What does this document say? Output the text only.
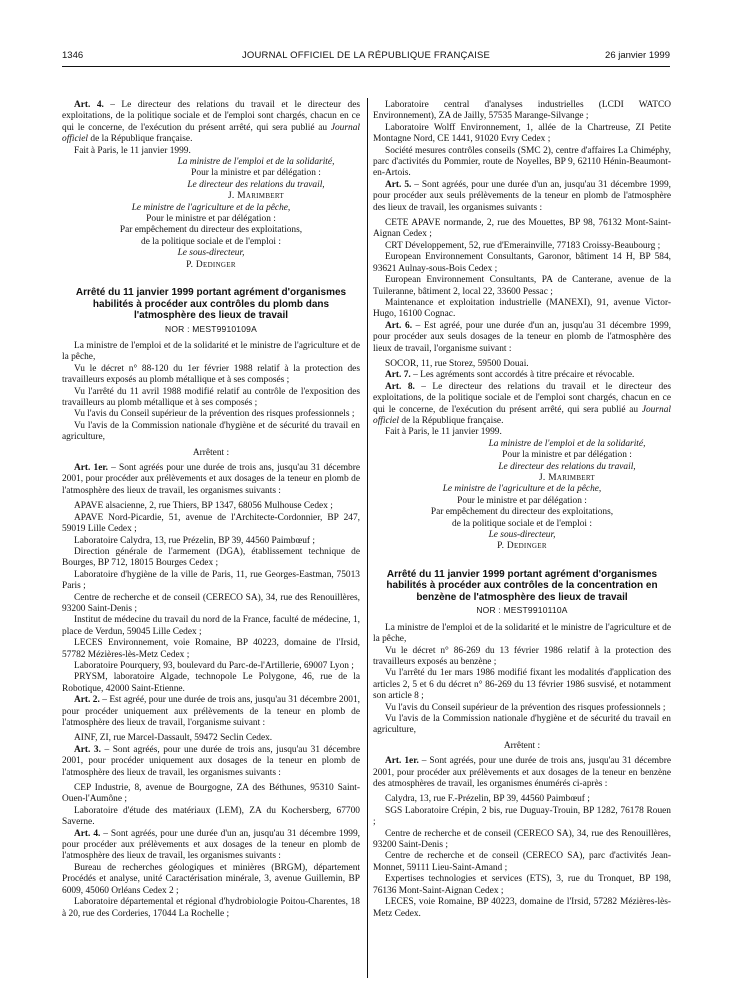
1346	JOURNAL OFFICIEL DE LA RÉPUBLIQUE FRANÇAISE	26 janvier 1999

Art. 4. – Le directeur des relations du travail et le directeur des exploitations, de la politique sociale et de l'emploi sont chargés, chacun en ce qui le concerne, de l'exécution du présent arrêté, qui sera publié au Journal officiel de la République française.

Fait à Paris, le 11 janvier 1999.

La ministre de l'emploi et de la solidarité,
Pour la ministre et par délégation :
Le directeur des relations du travail,
J. Marimbert
Le ministre de l'agriculture et de la pêche,
Pour le ministre et par délégation :
Par empêchement du directeur des exploitations,
de la politique sociale et de l'emploi :
Le sous-directeur,
P. Dedinger
Arrêté du 11 janvier 1999 portant agrément d'organismes habilités à procéder aux contrôles du plomb dans l'atmosphère des lieux de travail
NOR : MEST9910109A

La ministre de l'emploi et de la solidarité et le ministre de l'agriculture et de la pêche,

Vu le décret n° 88-120 du 1er février 1988 relatif à la protection des travailleurs exposés au plomb métallique et à ses composés ;

Vu l'arrêté du 11 avril 1988 modifié relatif au contrôle de l'exposition des travailleurs au plomb métallique et à ses composés ;

Vu l'avis du Conseil supérieur de la prévention des risques professionnels ;

Vu l'avis de la Commission nationale d'hygiène et de sécurité du travail en agriculture,

Arrêtent :

Art. 1er. – Sont agréés pour une durée de trois ans, jusqu'au 31 décembre 2001, pour procéder aux prélèvements et aux dosages de la teneur en plomb de l'atmosphère des lieux de travail, les organismes suivants :

APAVE alsacienne, 2, rue Thiers, BP 1347, 68056 Mulhouse Cedex ;

APAVE Nord-Picardie, 51, avenue de l'Architecte-Cordonnier, BP 247, 59019 Lille Cedex ;

Laboratoire Calydra, 13, rue Prézelin, BP 39, 44560 Paimbœuf ;

Direction générale de l'armement (DGA), établissement technique de Bourges, BP 712, 18015 Bourges Cedex ;

Laboratoire d'hygiène de la ville de Paris, 11, rue Georges-Eastman, 75013 Paris ;

Centre de recherche et de conseil (CERECO SA), 34, rue des Renouillères, 93200 Saint-Denis ;

Institut de médecine du travail du nord de la France, faculté de médecine, 1, place de Verdun, 59045 Lille Cedex ;

LECES Environnement, voie Romaine, BP 40223, domaine de l'Irsid, 57782 Mézières-lès-Metz Cedex ;

Laboratoire Pourquery, 93, boulevard du Parc-de-l'Artillerie, 69007 Lyon ;

PRYSM, laboratoire Algade, technopole Le Polygone, 46, rue de la Robotique, 42000 Saint-Etienne.

Art. 2. – Est agréé, pour une durée de trois ans, jusqu'au 31 décembre 2001, pour procéder uniquement aux prélèvements de la teneur en plomb de l'atmosphère des lieux de travail, l'organisme suivant :

AINF, ZI, rue Marcel-Dassault, 59472 Seclin Cedex.

Art. 3. – Sont agréés, pour une durée de trois ans, jusqu'au 31 décembre 2001, pour procéder uniquement aux dosages de la teneur en plomb de l'atmosphère des lieux de travail, les organismes suivants :

CEP Industrie, 8, avenue de Bourgogne, ZA des Béthunes, 95310 Saint-Ouen-l'Aumône ;

Laboratoire d'étude des matériaux (LEM), ZA du Kochersberg, 67700 Saverne.

Art. 4. – Sont agréés, pour une durée d'un an, jusqu'au 31 décembre 1999, pour procéder aux prélèvements et aux dosages de la teneur en plomb de l'atmosphère des lieux de travail, les organismes suivants :

Bureau de recherches géologiques et minières (BRGM), département Procédés et analyse, unité Caractérisation minérale, 3, avenue Guillemin, BP 6009, 45060 Orléans Cedex 2 ;

Laboratoire départemental et régional d'hydrobiologie Poitou-Charentes, 18 à 20, rue des Corderies, 17044 La Rochelle ;

Laboratoire central d'analyses industrielles (LCDI WATCO Environnement), ZA de Jailly, 57535 Marange-Silvange ;

Laboratoire Wolff Environnement, 1, allée de la Chartreuse, ZI Petite Montagne Nord, CE 1441, 91020 Evry Cedex ;

Société mesures contrôles conseils (SMC 2), centre d'affaires La Chiméphy, parc d'activités du Pommier, route de Noyelles, BP 9, 62110 Hénin-Beaumont-en-Artois.

Art. 5. – Sont agréés, pour une durée d'un an, jusqu'au 31 décembre 1999, pour procéder aux seuls prélèvements de la teneur en plomb de l'atmosphère des lieux de travail, les organismes suivants :

CETE APAVE normande, 2, rue des Mouettes, BP 98, 76132 Mont-Saint-Aignan Cedex ;

CRT Développement, 52, rue d'Emerainville, 77183 Croissy-Beaubourg ;

European Environnement Consultants, Garonor, bâtiment 14 H, BP 584, 93621 Aulnay-sous-Bois Cedex ;

European Environnement Consultants, PA de Canterane, avenue de la Tuileranne, bâtiment 2, local 22, 33600 Pessac ;

Maintenance et exploitation industrielle (MANEXI), 91, avenue Victor-Hugo, 16100 Cognac.

Art. 6. – Est agréé, pour une durée d'un an, jusqu'au 31 décembre 1999, pour procéder aux seuls dosages de la teneur en plomb de l'atmosphère des lieux de travail, l'organisme suivant :

SOCOR, 11, rue Storez, 59500 Douai.

Art. 7. – Les agréments sont accordés à titre précaire et révocable.

Art. 8. – Le directeur des relations du travail et le directeur des exploitations, de la politique sociale et de l'emploi sont chargés, chacun en ce qui le concerne, de l'exécution du présent arrêté, qui sera publié au Journal officiel de la République française.

Fait à Paris, le 11 janvier 1999.

La ministre de l'emploi et de la solidarité,
Pour la ministre et par délégation :
Le directeur des relations du travail,
J. Marimbert
Le ministre de l'agriculture et de la pêche,
Pour le ministre et par délégation :
Par empêchement du directeur des exploitations,
de la politique sociale et de l'emploi :
Le sous-directeur,
P. Dedinger
Arrêté du 11 janvier 1999 portant agrément d'organismes habilités à procéder aux contrôles de la concentration en benzène de l'atmosphère des lieux de travail
NOR : MEST9910110A

La ministre de l'emploi et de la solidarité et le ministre de l'agriculture et de la pêche,

Vu le décret n° 86-269 du 13 février 1986 relatif à la protection des travailleurs exposés au benzène ;

Vu l'arrêté du 1er mars 1986 modifié fixant les modalités d'application des articles 2, 5 et 6 du décret n° 86-269 du 13 février 1986 susvisé, et notamment son article 8 ;

Vu l'avis du Conseil supérieur de la prévention des risques professionnels ;

Vu l'avis de la Commission nationale d'hygiène et de sécurité du travail en agriculture,

Arrêtent :

Art. 1er. – Sont agréés, pour une durée de trois ans, jusqu'au 31 décembre 2001, pour procéder aux prélèvements et aux dosages de la teneur en benzène des atmosphères de travail, les organismes énumérés ci-après :

Calydra, 13, rue F.-Prézelin, BP 39, 44560 Paimbœuf ;

SGS Laboratoire Crépin, 2 bis, rue Duguay-Trouin, BP 1282, 76178 Rouen ;

Centre de recherche et de conseil (CERECO SA), 34, rue des Renouillères, 93200 Saint-Denis ;

Centre de recherche et de conseil (CERECO SA), parc d'activités Jean-Monnet, 59111 Lieu-Saint-Amand ;

Expertises technologies et services (ETS), 3, rue du Tronquet, BP 198, 76136 Mont-Saint-Aignan Cedex ;

LECES, voie Romaine, BP 40223, domaine de l'Irsid, 57282 Mézières-lès-Metz Cedex.
